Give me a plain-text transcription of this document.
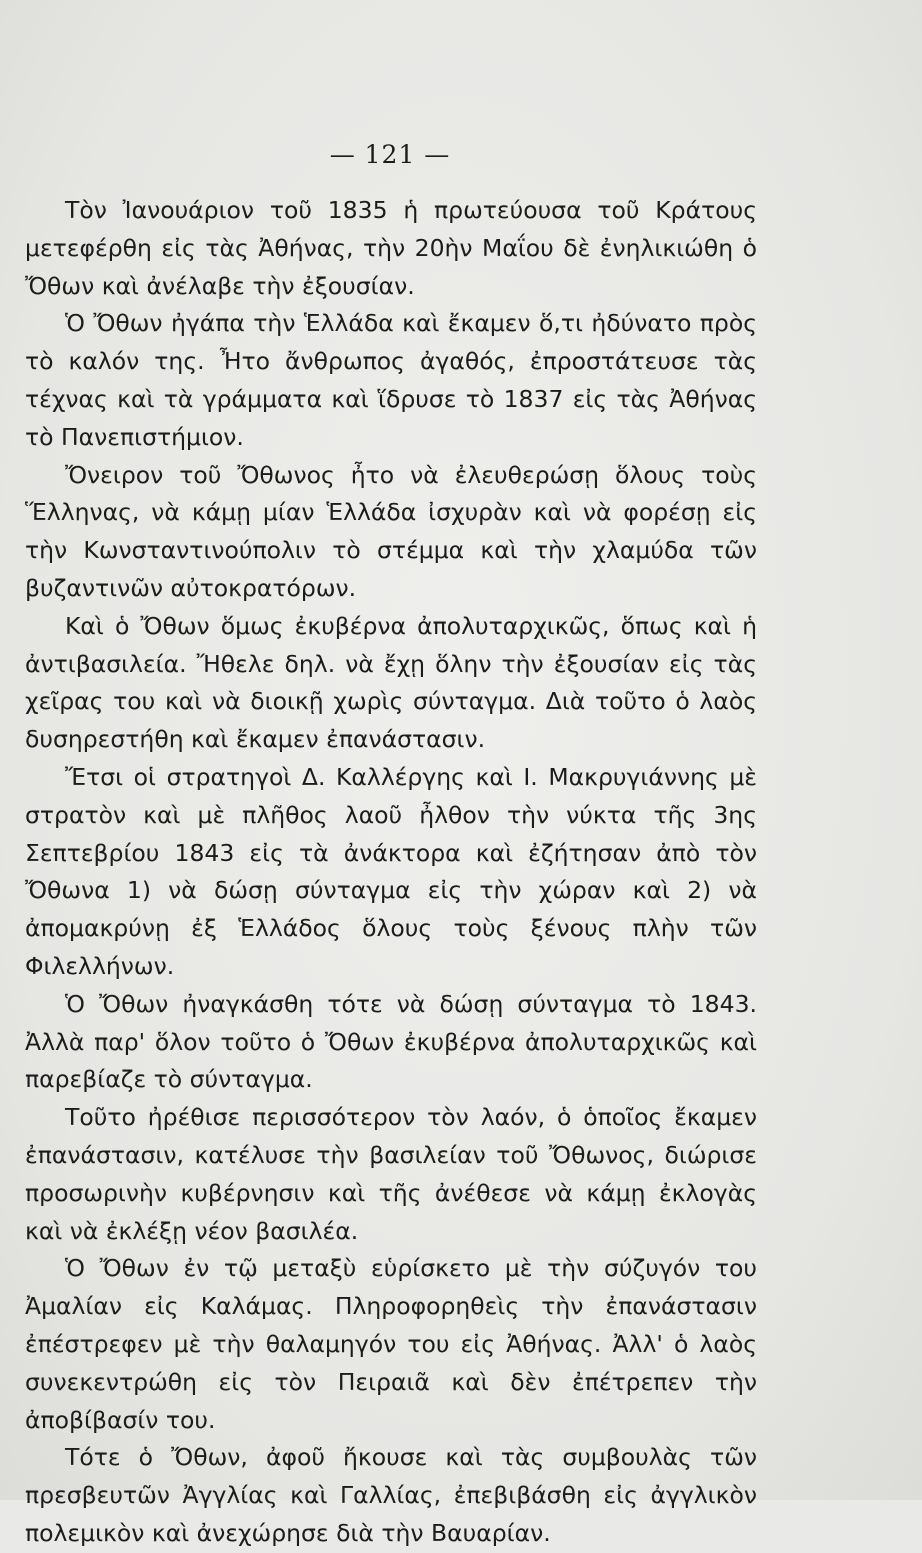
— 121 —

Τὸν Ἰανουάριον τοῦ 1835 ἡ πρωτεύουσα τοῦ Κράτους μετεφέρθη εἰς τὰς Ἀθήνας, τὴν 20ὴν Μαΐου δὲ ἐνηλικιώθη ὁ Ὄθων καὶ ἀνέλαβε τὴν ἐξουσίαν.

Ὁ Ὄθων ἠγάπα τὴν Ἑλλάδα καὶ ἔκαμεν ὅ,τι ἠδύνατο πρὸς τὸ καλόν της. Ἦτο ἄνθρωπος ἀγαθός, ἐπροστάτευσε τὰς τέχνας καὶ τὰ γράμματα καὶ ἵδρυσε τὸ 1837 εἰς τὰς Ἀθήνας τὸ Πανεπιστήμιον.

Ὄνειρον τοῦ Ὄθωνος ἦτο νὰ ἐλευθερώσῃ ὅλους τοὺς Ἕλληνας, νὰ κάμῃ μίαν Ἑλλάδα ἰσχυρὰν καὶ νὰ φορέσῃ εἰς τὴν Κωνσταντινούπολιν τὸ στέμμα καὶ τὴν χλαμύδα τῶν βυζαντινῶν αὐτοκρατόρων.

Καὶ ὁ Ὄθων ὅμως ἐκυβέρνα ἀπολυταρχικῶς, ὅπως καὶ ἡ ἀντιβασιλεία. Ἤθελε δηλ. νὰ ἔχῃ ὅλην τὴν ἐξουσίαν εἰς τὰς χεῖρας του καὶ νὰ διοικῇ χωρὶς σύνταγμα. Διὰ τοῦτο ὁ λαὸς δυσηρεστήθη καὶ ἔκαμεν ἐπανάστασιν.

Ἔτσι οἱ στρατηγοὶ Δ. Καλλέργης καὶ Ι. Μακρυγιάννης μὲ στρατὸν καὶ μὲ πλῆθος λαοῦ ἦλθον τὴν νύκτα τῆς 3ης Σεπτεβρίου 1843 εἰς τὰ ἀνάκτορα καὶ ἐζήτησαν ἀπὸ τὸν Ὄθωνα 1) νὰ δώσῃ σύνταγμα εἰς τὴν χώραν καὶ 2) νὰ ἀπομακρύνῃ ἐξ Ἑλλάδος ὅλους τοὺς ξένους πλὴν τῶν Φιλελλήνων.

Ὁ Ὄθων ἠναγκάσθη τότε νὰ δώσῃ σύνταγμα τὸ 1843. Ἀλλὰ παρ' ὅλον τοῦτο ὁ Ὄθων ἐκυβέρνα ἀπολυταρχικῶς καὶ παρεβίαζε τὸ σύνταγμα.

Τοῦτο ἠρέθισε περισσότερον τὸν λαόν, ὁ ὁποῖος ἔκαμεν ἐπανάστασιν, κατέλυσε τὴν βασιλείαν τοῦ Ὄθωνος, διώρισε προσωρινὴν κυβέρνησιν καὶ τῆς ἀνέθεσε νὰ κάμῃ ἐκλογὰς καὶ νὰ ἐκλέξῃ νέον βασιλέα.

Ὁ Ὄθων ἐν τῷ μεταξὺ εὑρίσκετο μὲ τὴν σύζυγόν του Ἀμαλίαν εἰς Καλάμας. Πληροφορηθεὶς τὴν ἐπανάστασιν ἐπέστρεφεν μὲ τὴν θαλαμηγόν του εἰς Ἀθήνας. Ἀλλ' ὁ λαὸς συνεκεντρώθη εἰς τὸν Πειραιᾶ καὶ δὲν ἐπέτρεπεν τὴν ἀποβίβασίν του.

Τότε ὁ Ὄθων, ἀφοῦ ἤκουσε καὶ τὰς συμβουλὰς τῶν πρεσβευτῶν Ἀγγλίας καὶ Γαλλίας, ἐπεβιβάσθη εἰς ἀγγλικὸν πολεμικὸν καὶ ἀνεχώρησε διὰ τὴν Βαυαρίαν.
